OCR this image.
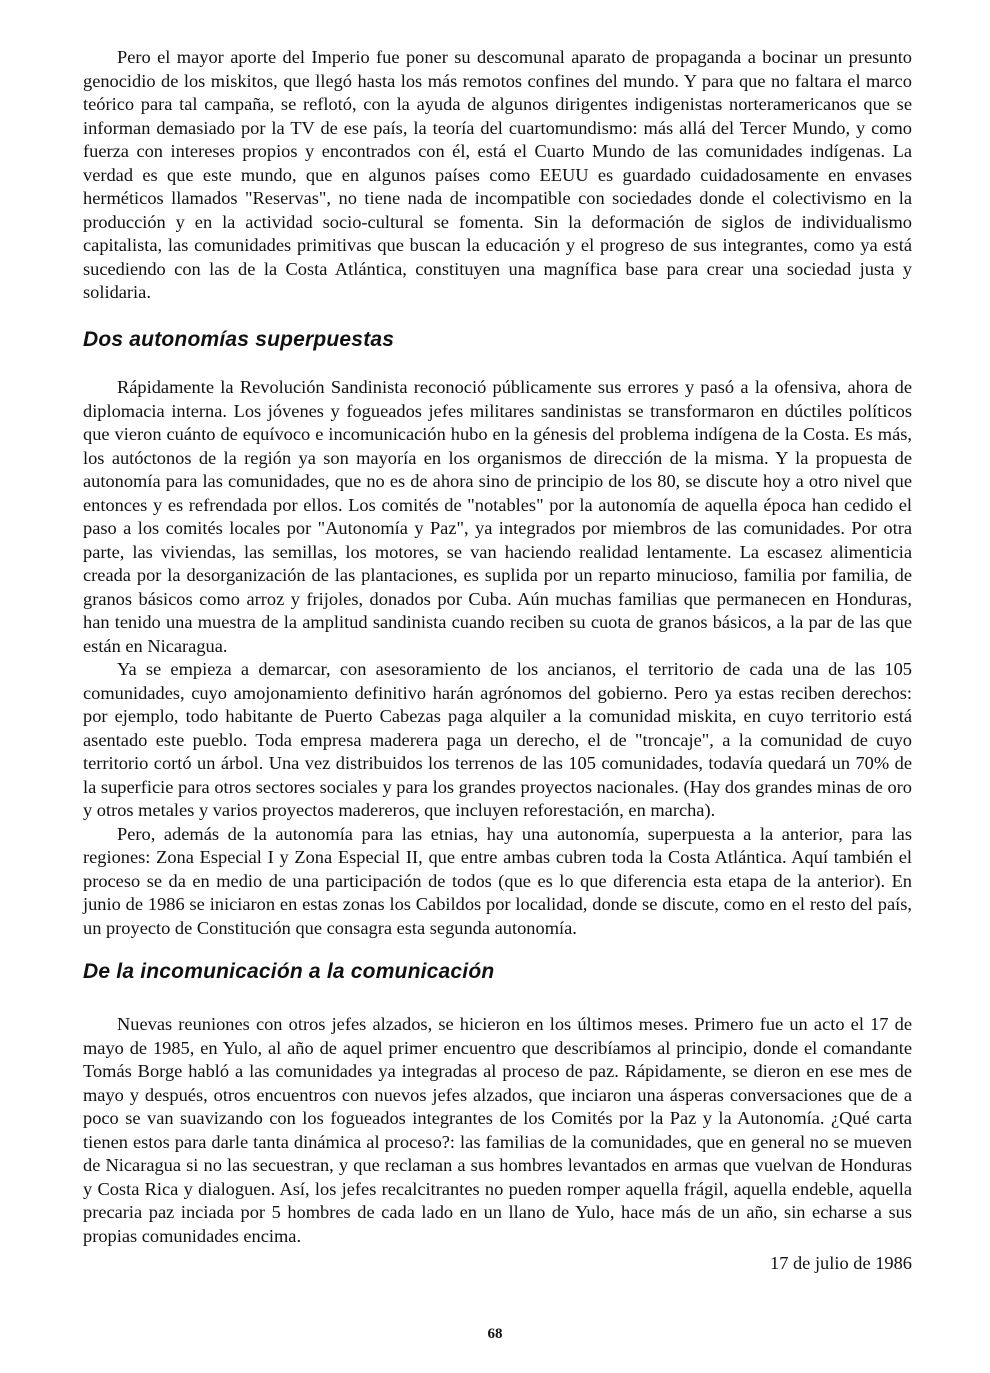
Pero el mayor aporte del Imperio fue poner su descomunal aparato de propaganda a bocinar un presunto genocidio de los miskitos, que llegó hasta los más remotos confines del mundo. Y para que no faltara el marco teórico para tal campaña, se reflotó, con la ayuda de algunos dirigentes indigenistas norteramericanos que se informan demasiado por la TV de ese país, la teoría del cuartomundismo: más allá del Tercer Mundo, y como fuerza con intereses propios y encontrados con él, está el Cuarto Mundo de las comunidades indígenas. La verdad es que este mundo, que en algunos países como EEUU es guardado cuidadosamente en envases herméticos llamados "Reservas", no tiene nada de incompatible con sociedades donde el colectivismo en la producción y en la actividad socio-cultural se fomenta. Sin la deformación de siglos de individualismo capitalista, las comunidades primitivas que buscan la educación y el progreso de sus integrantes, como ya está sucediendo con las de la Costa Atlántica, constituyen una magnífica base para crear una sociedad justa y solidaria.

Dos autonomías superpuestas

Rápidamente la Revolución Sandinista reconoció públicamente sus errores y pasó a la ofensiva, ahora de diplomacia interna. Los jóvenes y fogueados jefes militares sandinistas se transformaron en dúctiles políticos que vieron cuánto de equívoco e incomunicación hubo en la génesis del problema indígena de la Costa. Es más, los autóctonos de la región ya son mayoría en los organismos de dirección de la misma. Y la propuesta de autonomía para las comunidades, que no es de ahora sino de principio de los 80, se discute hoy a otro nivel que entonces y es refrendada por ellos. Los comités de "notables" por la autonomía de aquella época han cedido el paso a los comités locales por "Autonomía y Paz", ya integrados por miembros de las comunidades. Por otra parte, las viviendas, las semillas, los motores, se van haciendo realidad lentamente. La escasez alimenticia creada por la desorganización de las plantaciones, es suplida por un reparto minucioso, familia por familia, de granos básicos como arroz y frijoles, donados por Cuba. Aún muchas familias que permanecen en Honduras, han tenido una muestra de la amplitud sandinista cuando reciben su cuota de granos básicos, a la par de las que están en Nicaragua.

Ya se empieza a demarcar, con asesoramiento de los ancianos, el territorio de cada una de las 105 comunidades, cuyo amojonamiento definitivo harán agrónomos del gobierno. Pero ya estas reciben derechos: por ejemplo, todo habitante de Puerto Cabezas paga alquiler a la comunidad miskita, en cuyo territorio está asentado este pueblo. Toda empresa maderera paga un derecho, el de "troncaje", a la comunidad de cuyo territorio cortó un árbol. Una vez distribuidos los terrenos de las 105 comunidades, todavía quedará un 70% de la superficie para otros sectores sociales y para los grandes proyectos nacionales. (Hay dos grandes minas de oro y otros metales y varios proyectos madereros, que incluyen reforestación, en marcha).

Pero, además de la autonomía para las etnias, hay una autonomía, superpuesta a la anterior, para las regiones: Zona Especial I y Zona Especial II, que entre ambas cubren toda la Costa Atlántica. Aquí también el proceso se da en medio de una participación de todos (que es lo que diferencia esta etapa de la anterior). En junio de 1986 se iniciaron en estas zonas los Cabildos por localidad, donde se discute, como en el resto del país, un proyecto de Constitución que consagra esta segunda autonomía.

De la incomunicación a la comunicación

Nuevas reuniones con otros jefes alzados, se hicieron en los últimos meses. Primero fue un acto el 17 de mayo de 1985, en Yulo, al año de aquel primer encuentro que describíamos al principio, donde el comandante Tomás Borge habló a las comunidades ya integradas al proceso de paz. Rápidamente, se dieron en ese mes de mayo y después, otros encuentros con nuevos jefes alzados, que inciaron una ásperas conversaciones que de a poco se van suavizando con los fogueados integrantes de los Comités por la Paz y la Autonomía. ¿Qué carta tienen estos para darle tanta dinámica al proceso?: las familias de la comunidades, que en general no se mueven de Nicaragua si no las secuestran, y que reclaman a sus hombres levantados en armas que vuelvan de Honduras y Costa Rica y dialoguen. Así, los jefes recalcitrantes no pueden romper aquella frágil, aquella endeble, aquella precaria paz inciada por 5 hombres de cada lado en un llano de Yulo, hace más de un año, sin echarse a sus propias comunidades encima.

17 de julio de 1986
68
